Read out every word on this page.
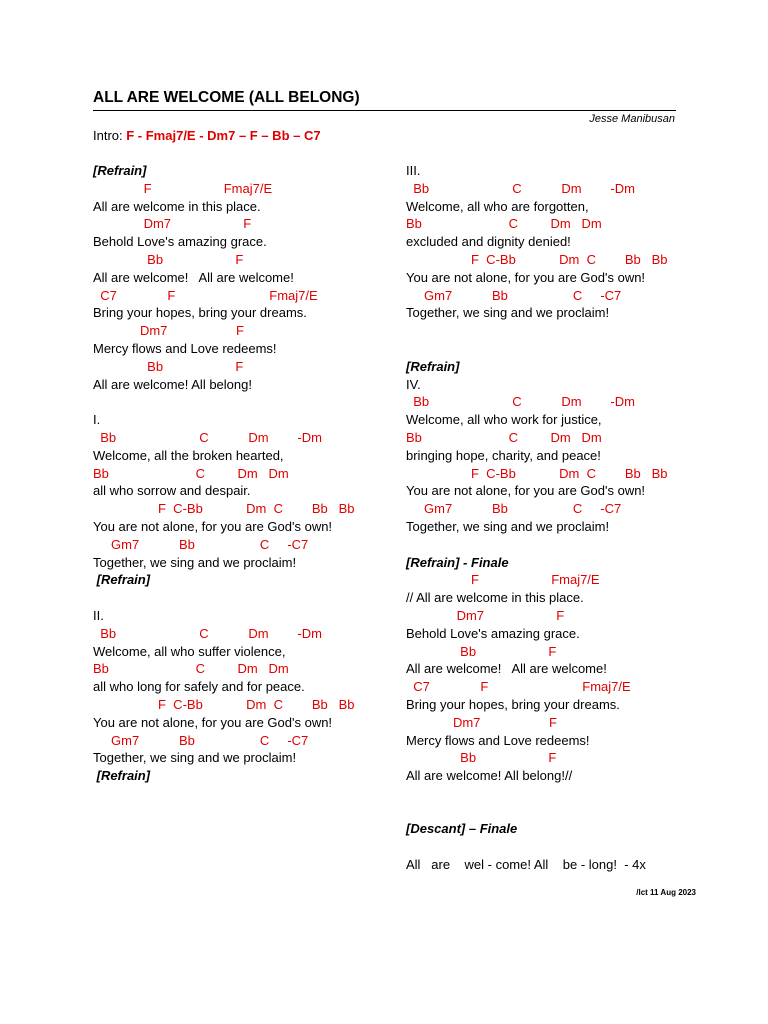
ALL ARE WELCOME (ALL BELONG)
Jesse Manibusan
Intro: F - Fmaj7/E - Dm7 – F – Bb – C7
[Refrain]
F                    Fmaj7/E
All are welcome in this place.
Dm7                    F
Behold Love's amazing grace.
Bb                    F
All are welcome!   All are welcome!
C7              F                          Fmaj7/E
Bring your hopes, bring your dreams.
Dm7                   F
Mercy flows and Love redeems!
Bb                    F
All are welcome! All belong!
I.
Bb                       C           Dm        -Dm
Welcome, all the broken hearted,
Bb                        C         Dm   Dm
all who sorrow and despair.
F  C-Bb            Dm  C        Bb   Bb
You are not alone, for you are God's own!
Gm7           Bb                  C     -C7
Together, we sing and we proclaim!
[Refrain]
II.
Bb                       C           Dm        -Dm
Welcome, all who suffer violence,
Bb                        C         Dm   Dm
all who long for safely and for peace.
F  C-Bb            Dm  C        Bb   Bb
You are not alone, for you are God's own!
Gm7           Bb                  C     -C7
Together, we sing and we proclaim!
[Refrain]
III.
Bb                       C           Dm        -Dm
Welcome, all who are forgotten,
Bb                        C         Dm   Dm
excluded and dignity denied!
F  C-Bb            Dm  C        Bb   Bb
You are not alone, for you are God's own!
Gm7           Bb                  C     -C7
Together, we sing and we proclaim!
[Refrain]
IV.
Bb                       C           Dm        -Dm
Welcome, all who work for justice,
Bb                        C         Dm   Dm
bringing hope, charity, and peace!
F  C-Bb            Dm  C        Bb   Bb
You are not alone, for you are God's own!
Gm7           Bb                  C     -C7
Together, we sing and we proclaim!
[Refrain] - Finale
F                    Fmaj7/E
// All are welcome in this place.
Dm7                    F
Behold Love's amazing grace.
Bb                    F
All are welcome!   All are welcome!
C7              F                          Fmaj7/E
Bring your hopes, bring your dreams.
Dm7                   F
Mercy flows and Love redeems!
Bb                    F
All are welcome! All belong!//
[Descant] – Finale
All   are    wel - come! All    be - long!  - 4x
/lct 11 Aug 2023
